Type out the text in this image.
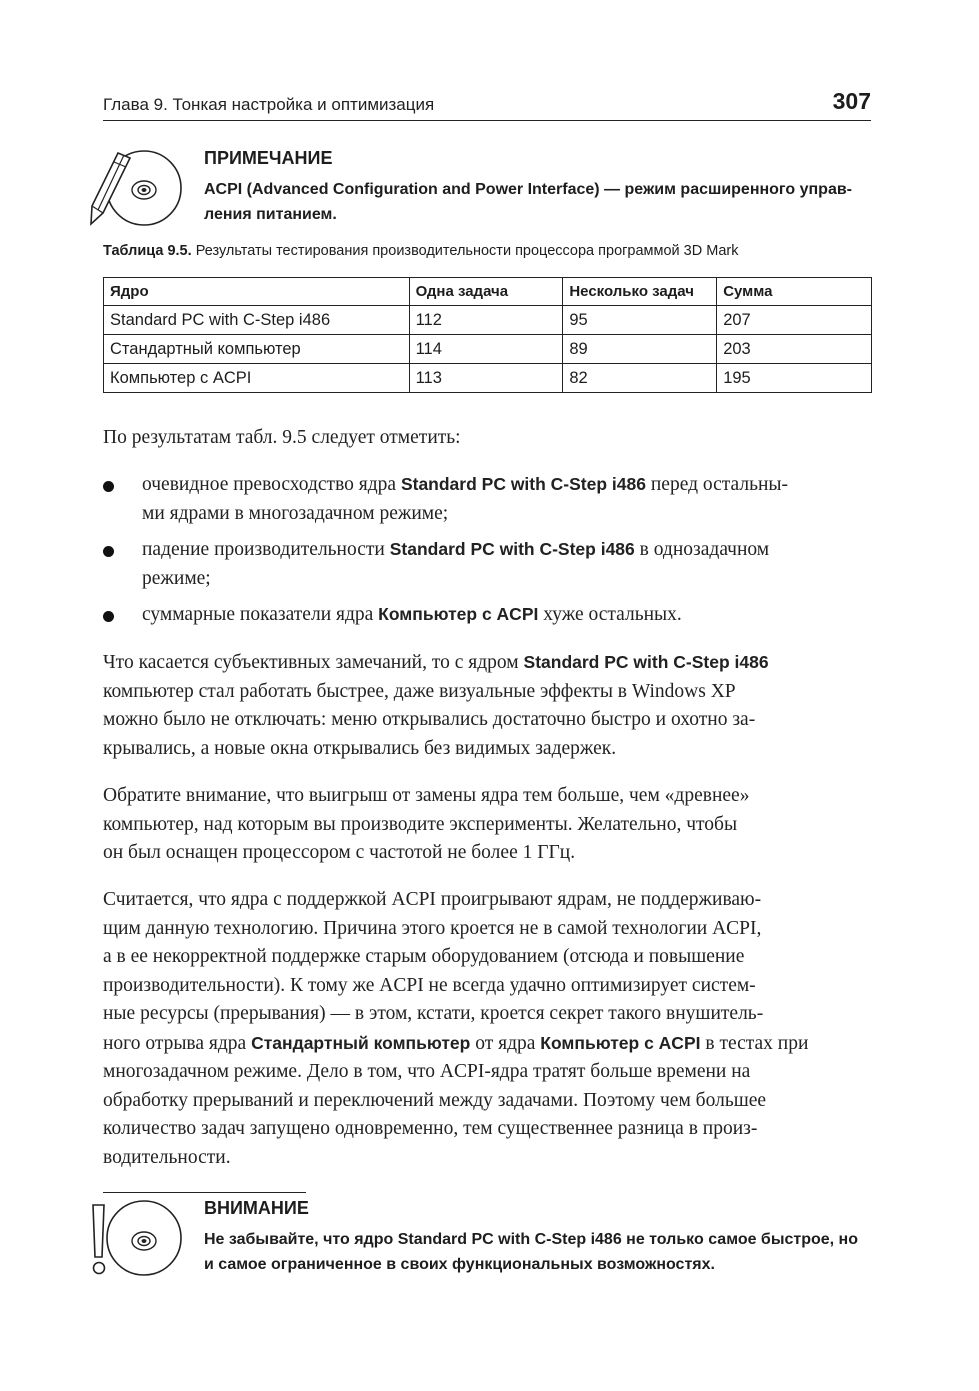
Глава 9. Тонкая настройка и оптимизация	307
ПРИМЕЧАНИЕ
ACPI (Advanced Configuration and Power Interface) — режим расширенного управ-
ления питанием.
Таблица 9.5. Результаты тестирования производительности процессора программой 3D Mark
Ядро	Одна задача	Несколько задач	Сумма
Standard PC with C-Step i486	112	95	207
Стандартный компьютер	114	89	203
Компьютер с ACPI	113	82	195
По результатам табл. 9.5 следует отметить:
очевидное превосходство ядра Standard PC with C-Step i486 перед остальны-
ми ядрами в многозадачном режиме;
падение производительности Standard PC with C-Step i486 в однозадачном
режиме;
суммарные показатели ядра Компьютер с ACPI хуже остальных.
Что касается субъективных замечаний, то с ядром Standard PC with C-Step i486
компьютер стал работать быстрее, даже визуальные эффекты в Windows XP
можно было не отключать: меню открывались достаточно быстро и охотно за-
крывались, а новые окна открывались без видимых задержек.
Обратите внимание, что выигрыш от замены ядра тем больше, чем «древнее»
компьютер, над которым вы производите эксперименты. Желательно, чтобы
он был оснащен процессором с частотой не более 1 ГГц.
Считается, что ядра с поддержкой ACPI проигрывают ядрам, не поддерживаю-
щим данную технологию. Причина этого кроется не в самой технологии ACPI,
а в ее некорректной поддержке старым оборудованием (отсюда и повышение
производительности). К тому же ACPI не всегда удачно оптимизирует систем-
ные ресурсы (прерывания) — в этом, кстати, кроется секрет такого внушитель-
ного отрыва ядра Стандартный компьютер от ядра Компьютер с ACPI в тестах при
многозадачном режиме. Дело в том, что ACPI-ядра тратят больше времени на
обработку прерываний и переключений между задачами. Поэтому чем большее
количество задач запущено одновременно, тем существеннее разница в произ-
водительности.
ВНИМАНИЕ
Не забывайте, что ядро Standard PC with C-Step i486 не только самое быстрое, но
и самое ограниченное в своих функциональных возможностях.
